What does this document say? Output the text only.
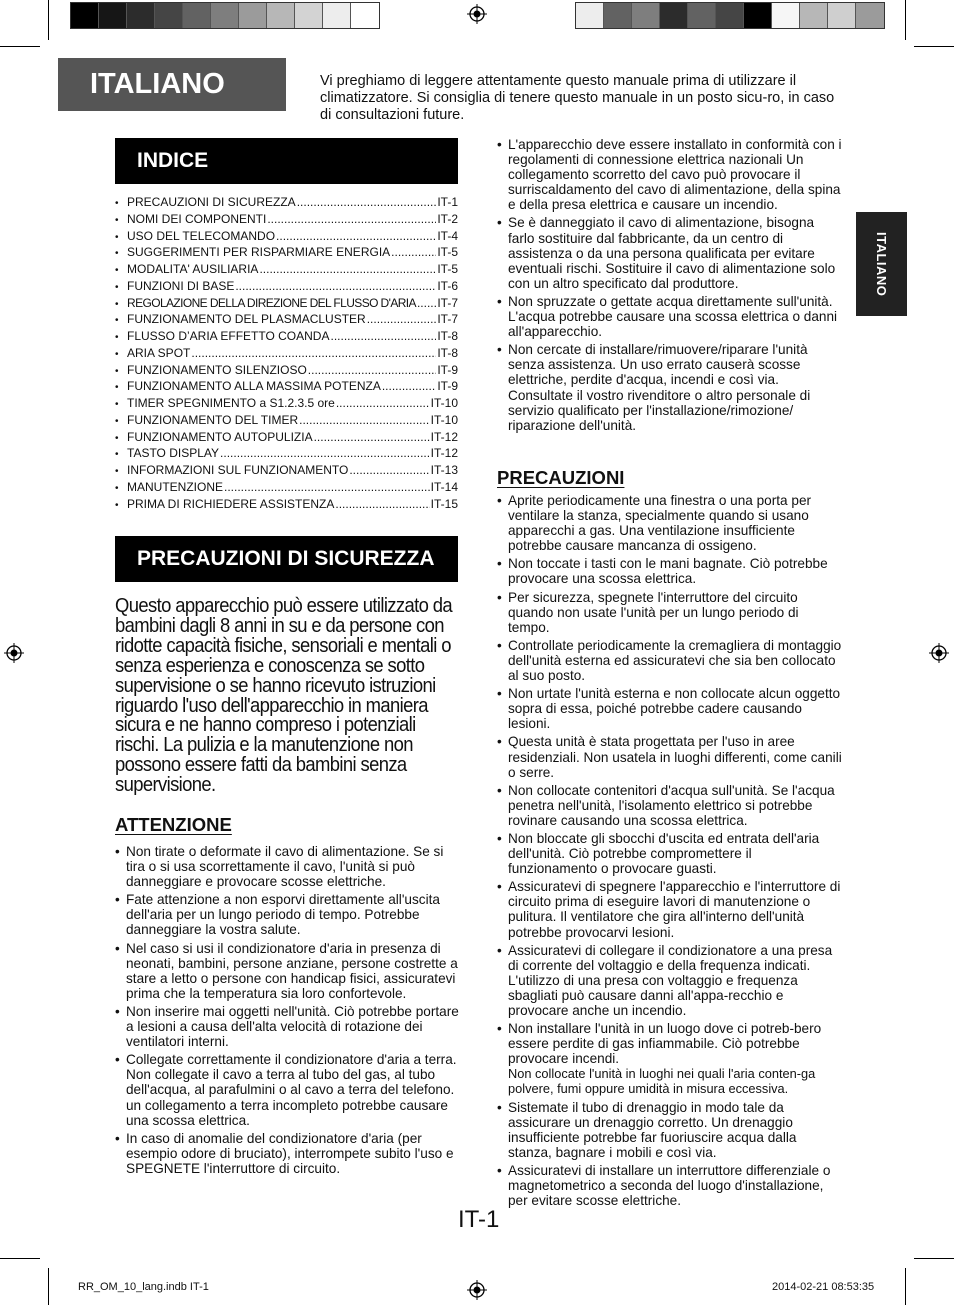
ITALIANO	Vi preghiamo di leggere attentamente questo manuale prima di utilizzare il climatizzatore. Si consiglia di tenere questo manuale in un posto sicu-ro, in caso di consultazioni future.
ITALIANO
INDICE
• PRECAUZIONI DI SICUREZZA .....	IT-1
• NOMI DEI COMPONENTI .....	IT-2
• USO DEL TELECOMANDO .....	IT-4
• SUGGERIMENTI PER RISPARMIARE ENERGIA .....	IT-5
• MODALITA' AUSILIARIA .....	IT-5
• FUNZIONI DI BASE .....	IT-6
• REGOLAZIONE DELLA DIREZIONE DEL FLUSSO D'ARIA ..... IT-7
• FUNZIONAMENTO DEL PLASMACLUSTER .....	IT-7
• FLUSSO D’ARIA EFFETTO COANDA .....	IT-8
• ARIA SPOT .....	IT-8
• FUNZIONAMENTO SILENZIOSO .....	IT-9
• FUNZIONAMENTO ALLA MASSIMA POTENZA .....	IT-9
• TIMER SPEGNIMENTO a S1.2.3.5 ore .....	IT-10
• FUNZIONAMENTO DEL TIMER .....	IT-10
• FUNZIONAMENTO AUTOPULIZIA .....	IT-12
• TASTO DISPLAY .....	IT-12
• INFORMAZIONI SUL FUNZIONAMENTO .....	IT-13
• MANUTENZIONE .....	IT-14
• PRIMA DI RICHIEDERE ASSISTENZA .....	IT-15
PRECAUZIONI DI SICUREZZA
Questo apparecchio può essere utilizzato da bambini dagli 8 anni in su e da persone con ridotte capacità fisiche, sensoriali e mentali o senza esperienza e conoscenza se sotto supervisione o se hanno ricevuto istruzioni riguardo l'uso dell'apparecchio in maniera sicura e ne hanno compreso i potenziali rischi. La pulizia e la manutenzione non possono essere fatti da bambini senza supervisione.
ATTENZIONE
• Non tirate o deformate il cavo di alimentazione. Se si tira o si usa scorrettamente il cavo, l'unità si può danneggiare e provocare scosse elettriche.
• Fate attenzione a non esporvi direttamente all'uscita dell'aria per un lungo periodo di tempo. Potrebbe danneggiare la vostra salute.
• Nel caso si usi il condizionatore d'aria in presenza di neonati, bambini, persone anziane, persone costrette a stare a letto o persone con handicap fisici, assicuratevi prima che la temperatura sia loro confortevole.
• Non inserire mai oggetti nell'unità. Ciò potrebbe portare a lesioni a causa dell'alta velocità di rotazione dei ventilatori interni.
• Collegate correttamente il condizionatore d'aria a terra. Non collegate il cavo a terra al tubo del gas, al tubo dell'acqua, al parafulmini o al cavo a terra del telefono. un collegamento a terra incompleto potrebbe causare una scossa elettrica.
• In caso di anomalie del condizionatore d'aria (per esempio odore di bruciato), interrompete subito l'uso e SPEGNETE l'interruttore di circuito.
• L'apparecchio deve essere installato in conformità con i regolamenti di connessione elettrica nazionali Un collegamento scorretto del cavo può provocare il surriscaldamento del cavo di alimentazione, della spina e della presa elettrica e causare un incendio.
• Se è danneggiato il cavo di alimentazione, bisogna farlo sostituire dal fabbricante, da un centro di assistenza o da una persona qualificata per evitare eventuali rischi. Sostituire il cavo di alimentazione solo con un altro specificato dal produttore.
• Non spruzzate o gettate acqua direttamente sull'unità. L'acqua potrebbe causare una scossa elettrica o danni all'apparecchio.
• Non cercate di installare/rimuovere/riparare l'unità senza assistenza. Un uso errato causerà scosse elettriche, perdite d'acqua, incendi e così via. Consultate il vostro rivenditore o altro personale di servizio qualificato per l'installazione/rimozione/ riparazione dell'unità.
PRECAUZIONI
• Aprite periodicamente una finestra o una porta per ventilare la stanza, specialmente quando si usano apparecchi a gas. Una ventilazione insufficiente potrebbe causare mancanza di ossigeno.
• Non toccate i tasti con le mani bagnate. Ciò potrebbe provocare una scossa elettrica.
• Per sicurezza, spegnete l'interruttore del circuito quando non usate l'unità per un lungo periodo di tempo.
• Controllate periodicamente la cremagliera di montaggio dell'unità esterna ed assicuratevi che sia ben collocato al suo posto.
• Non urtate l'unità esterna e non collocate alcun oggetto sopra di essa, poiché potrebbe cadere causando lesioni.
• Questa unità è stata progettata per l'uso in aree residenziali. Non usatela in luoghi differenti, come canili o serre.
• Non collocate contenitori d'acqua sull'unità. Se l'acqua penetra nell'unità, l'isolamento elettrico si potrebbe rovinare causando una scossa elettrica.
• Non bloccate gli sbocchi d'uscita ed entrata dell'aria dell'unità. Ciò potrebbe compromettere il funzionamento o provocare guasti.
• Assicuratevi di spegnere l'apparecchio e l'interruttore di circuito prima di eseguire lavori di manutenzione o pulitura. Il ventilatore che gira all'interno dell'unità potrebbe provocarvi lesioni.
• Assicuratevi di collegare il condizionatore a una presa di corrente del voltaggio e della frequenza indicati. L'utilizzo di una presa con voltaggio e frequenza sbagliati può causare danni all'appa-recchio e provocare anche un incendio.
• Non installare l'unità in un luogo dove ci potreb-bero essere perdite di gas infiammabile. Ciò potrebbe provocare incendi.
Non collocate l'unità in luoghi nei quali l'aria conten-ga polvere, fumi oppure umidità in misura eccessiva.
• Sistemate il tubo di drenaggio in modo tale da assicurare un drenaggio corretto. Un drenaggio insufficiente potrebbe far fuoriuscire acqua dalla stanza, bagnare i mobili e così via.
• Assicuratevi di installare un interruttore differenziale o magnetometrico a seconda del luogo d'installazione, per evitare scosse elettriche.
IT-1
RR_OM_10_lang.indb IT-1	2014-02-21 08:53:35
